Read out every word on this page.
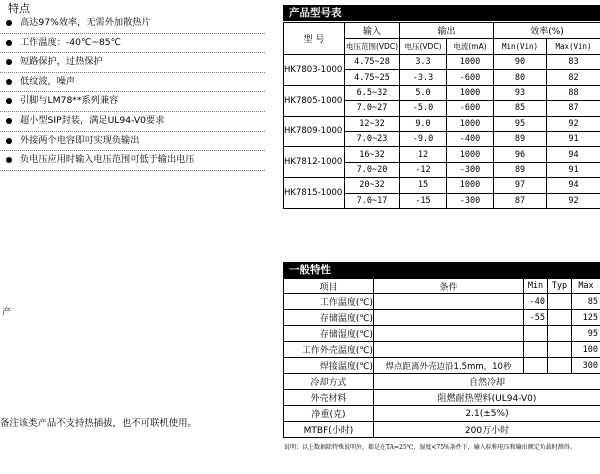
特点
高达97%效率，无需外加散热片
工作温度：-40℃~85℃
短路保护，过热保护
低纹波，噪声
引脚与LM78**系列兼容
超小型SIP封装，满足UL94-V0要求
外接两个电容即可实现负输出
负电压应用时输入电压范围可低于输出电压
产
备注该类产品不支持热插拔，也不可联机使用。
产品型号表
型 号	输入	输出		效率(%)	
	电压范围(VDC)	电压(VDC)	电流(mA)	Min(Vin)	Max(Vin)

HK7803-1000	4.75~28	3.3	1000	90	83
	4.75~25	-3.3	-600	80	82

HK7805-1000	6.5~32	5.0	1000	93	88
	7.0~27	-5.0	-600	85	87

HK7809-1000	12~32	9.0	1000	95	92
	7.0~23	-9.0	-400	89	91

HK7812-1000	16~32	12	1000	96	94
	7.0~20	-12	-300	89	91

HK7815-1000	20~32	15	1000	97	94
	7.0~17	-15	-300	87	92
一般特性
项目	条件	Min	Typ	Max
工作温度(℃)		-40		85
存储温度(℃)		-55		125
存储湿度(℃)				95
工作外壳温度(℃)				100
焊接温度(℃)	焊点距离外壳边沿1.5mm，10秒			300
冷却方式	自然冷却			
外壳材料	阻燃耐热塑料(UL94-V0)			
净重(克)	2.1(±5%)			
MTBF(小时)	200万小时			
说明：以上数据除特殊说明外，都是在TA=25℃，湿度<75%条件下，输入标称电压和输出额定负载时测得。
